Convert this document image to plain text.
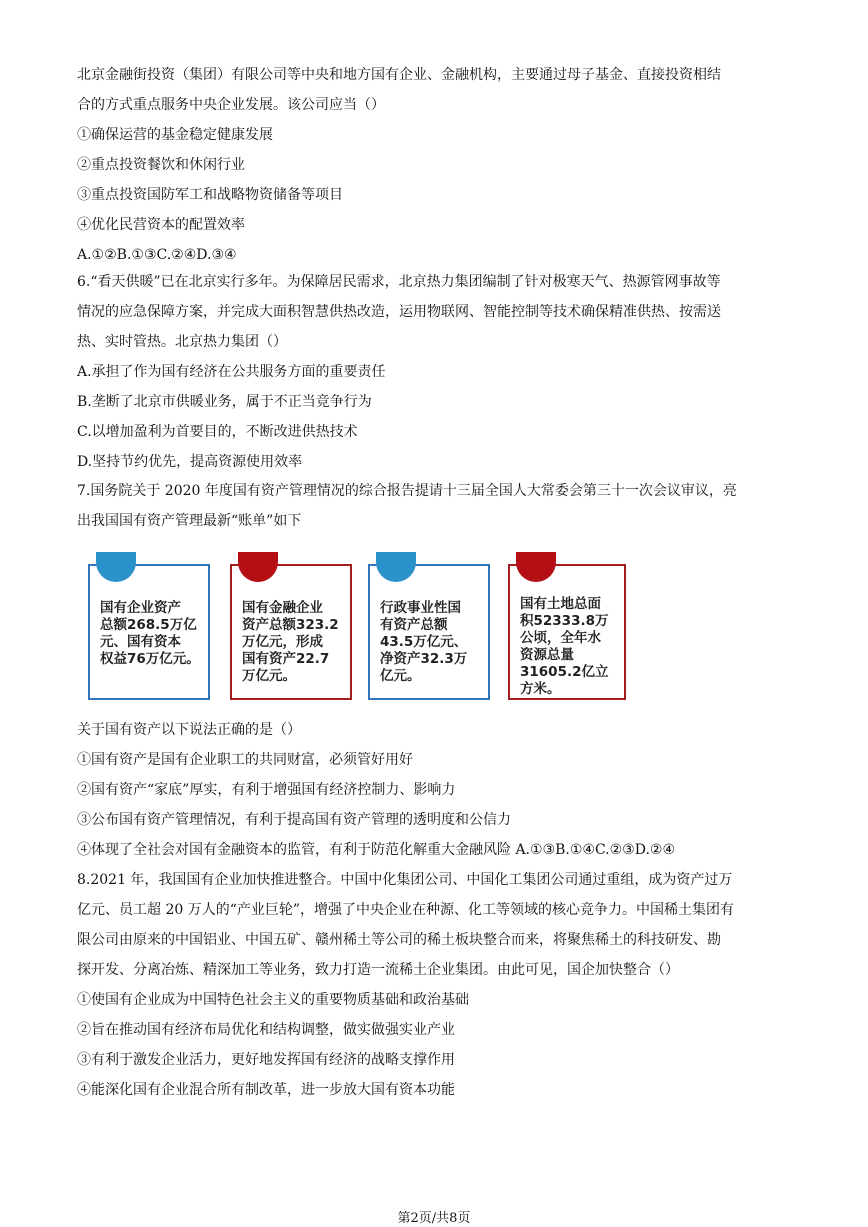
北京金融街投资（集团）有限公司等中央和地方国有企业、金融机构，主要通过母子基金、直接投资相结
合的方式重点服务中央企业发展。该公司应当（）
①确保运营的基金稳定健康发展
②重点投资餐饮和休闲行业
③重点投资国防军工和战略物资储备等项目
④优化民营资本的配置效率
A.①②B.①③C.②④D.③④
6.“看天供暖”已在北京实行多年。为保障居民需求，北京热力集团编制了针对极寒天气、热源管网事故等
情况的应急保障方案，并完成大面积智慧供热改造，运用物联网、智能控制等技术确保精准供热、按需送
热、实时管热。北京热力集团（）
A.承担了作为国有经济在公共服务方面的重要责任
B.垄断了北京市供暖业务，属于不正当竞争行为
C.以增加盈利为首要目的，不断改进供热技术
D.坚持节约优先，提高资源使用效率
7.国务院关于 2020 年度国有资产管理情况的综合报告提请十三届全国人大常委会第三十一次会议审议，亮
出我国国有资产管理最新“账单”如下
国有企业资产
总额268.5万亿
元、国有资本
权益76万亿元。
国有金融企业
资产总额323.2
万亿元，形成
国有资产22.7
万亿元。
行政事业性国
有资产总额
43.5万亿元、
净资产32.3万
亿元。
国有土地总面
积52333.8万
公顷，全年水
资源总量
31605.2亿立
方米。
关于国有资产以下说法正确的是（）
①国有资产是国有企业职工的共同财富，必须管好用好
②国有资产“家底”厚实，有利于增强国有经济控制力、影响力
③公布国有资产管理情况，有利于提高国有资产管理的透明度和公信力
④体现了全社会对国有金融资本的监管，有利于防范化解重大金融风险 A.①③B.①④C.②③D.②④
8.2021 年，我国国有企业加快推进整合。中国中化集团公司、中国化工集团公司通过重组，成为资产过万
亿元、员工超 20 万人的“产业巨轮”，增强了中央企业在种源、化工等领域的核心竞争力。中国稀土集团有
限公司由原来的中国铝业、中国五矿、赣州稀土等公司的稀土板块整合而来，将聚焦稀土的科技研发、勘
探开发、分离冶炼、精深加工等业务，致力打造一流稀土企业集团。由此可见，国企加快整合（）
①使国有企业成为中国特色社会主义的重要物质基础和政治基础
②旨在推动国有经济布局优化和结构调整，做实做强实业产业
③有利于激发企业活力，更好地发挥国有经济的战略支撑作用
④能深化国有企业混合所有制改革，进一步放大国有资本功能
第2页/共8页
